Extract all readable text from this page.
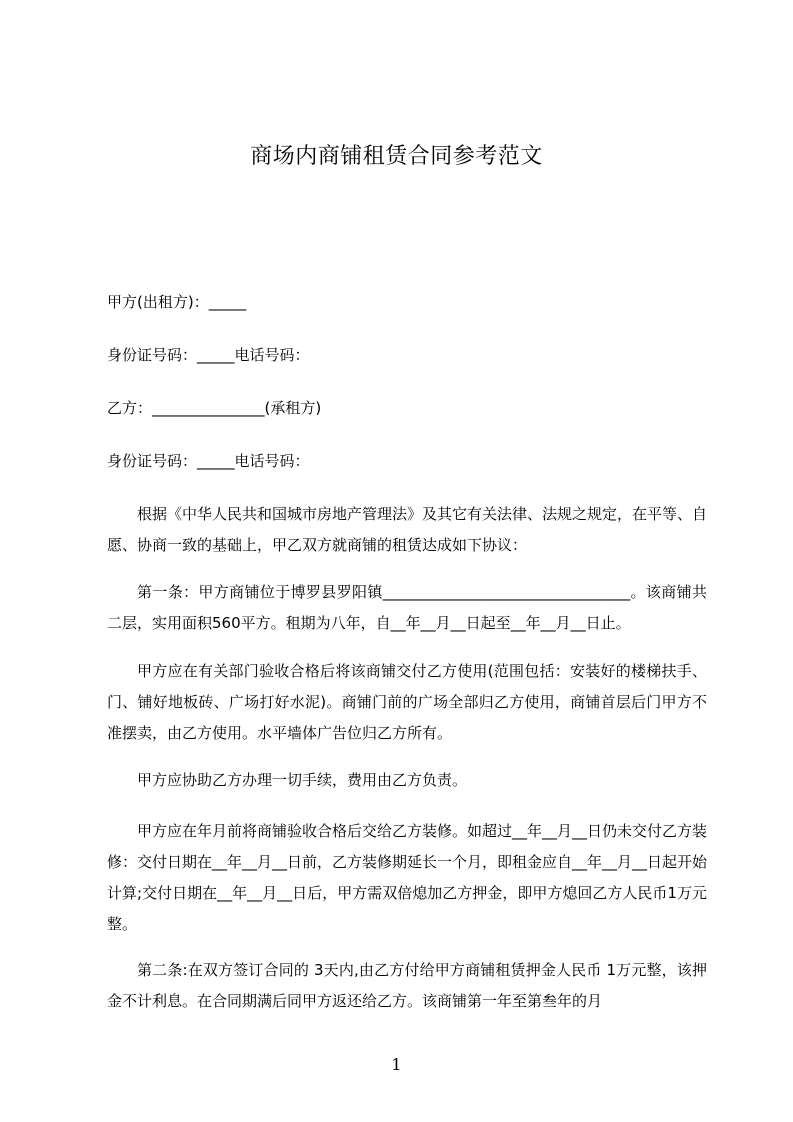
商场内商铺租赁合同参考范文

甲方(出租方)：_____

身份证号码：_____电话号码：

乙方：_______________(承租方)

身份证号码：_____电话号码：

根据《中华人民共和国城市房地产管理法》及其它有关法律、法规之规定，在平等、自愿、协商一致的基础上，甲乙双方就商铺的租赁达成如下协议：

第一条：甲方商铺位于博罗县罗阳镇_________________________________。该商铺共二层，实用面积560平方。租期为八年，自__年__月__日起至__年__月__日止。

甲方应在有关部门验收合格后将该商铺交付乙方使用(范围包括：安装好的楼梯扶手、门、铺好地板砖、广场打好水泥)。商铺门前的广场全部归乙方使用，商铺首层后门甲方不准摆卖，由乙方使用。水平墙体广告位归乙方所有。

甲方应协助乙方办理一切手续，费用由乙方负责。

甲方应在年月前将商铺验收合格后交给乙方装修。如超过__年__月__日仍未交付乙方装修：交付日期在__年__月__日前，乙方装修期延长一个月，即租金应自__年__月__日起开始计算;交付日期在__年__月__日后，甲方需双倍熄加乙方押金，即甲方熄回乙方人民币1万元整。

第二条:在双方签订合同的 3天内,由乙方付给甲方商铺租赁押金人民币 1万元整，该押金不计利息。在合同期满后同甲方返还给乙方。该商铺第一年至第叁年的月

1
